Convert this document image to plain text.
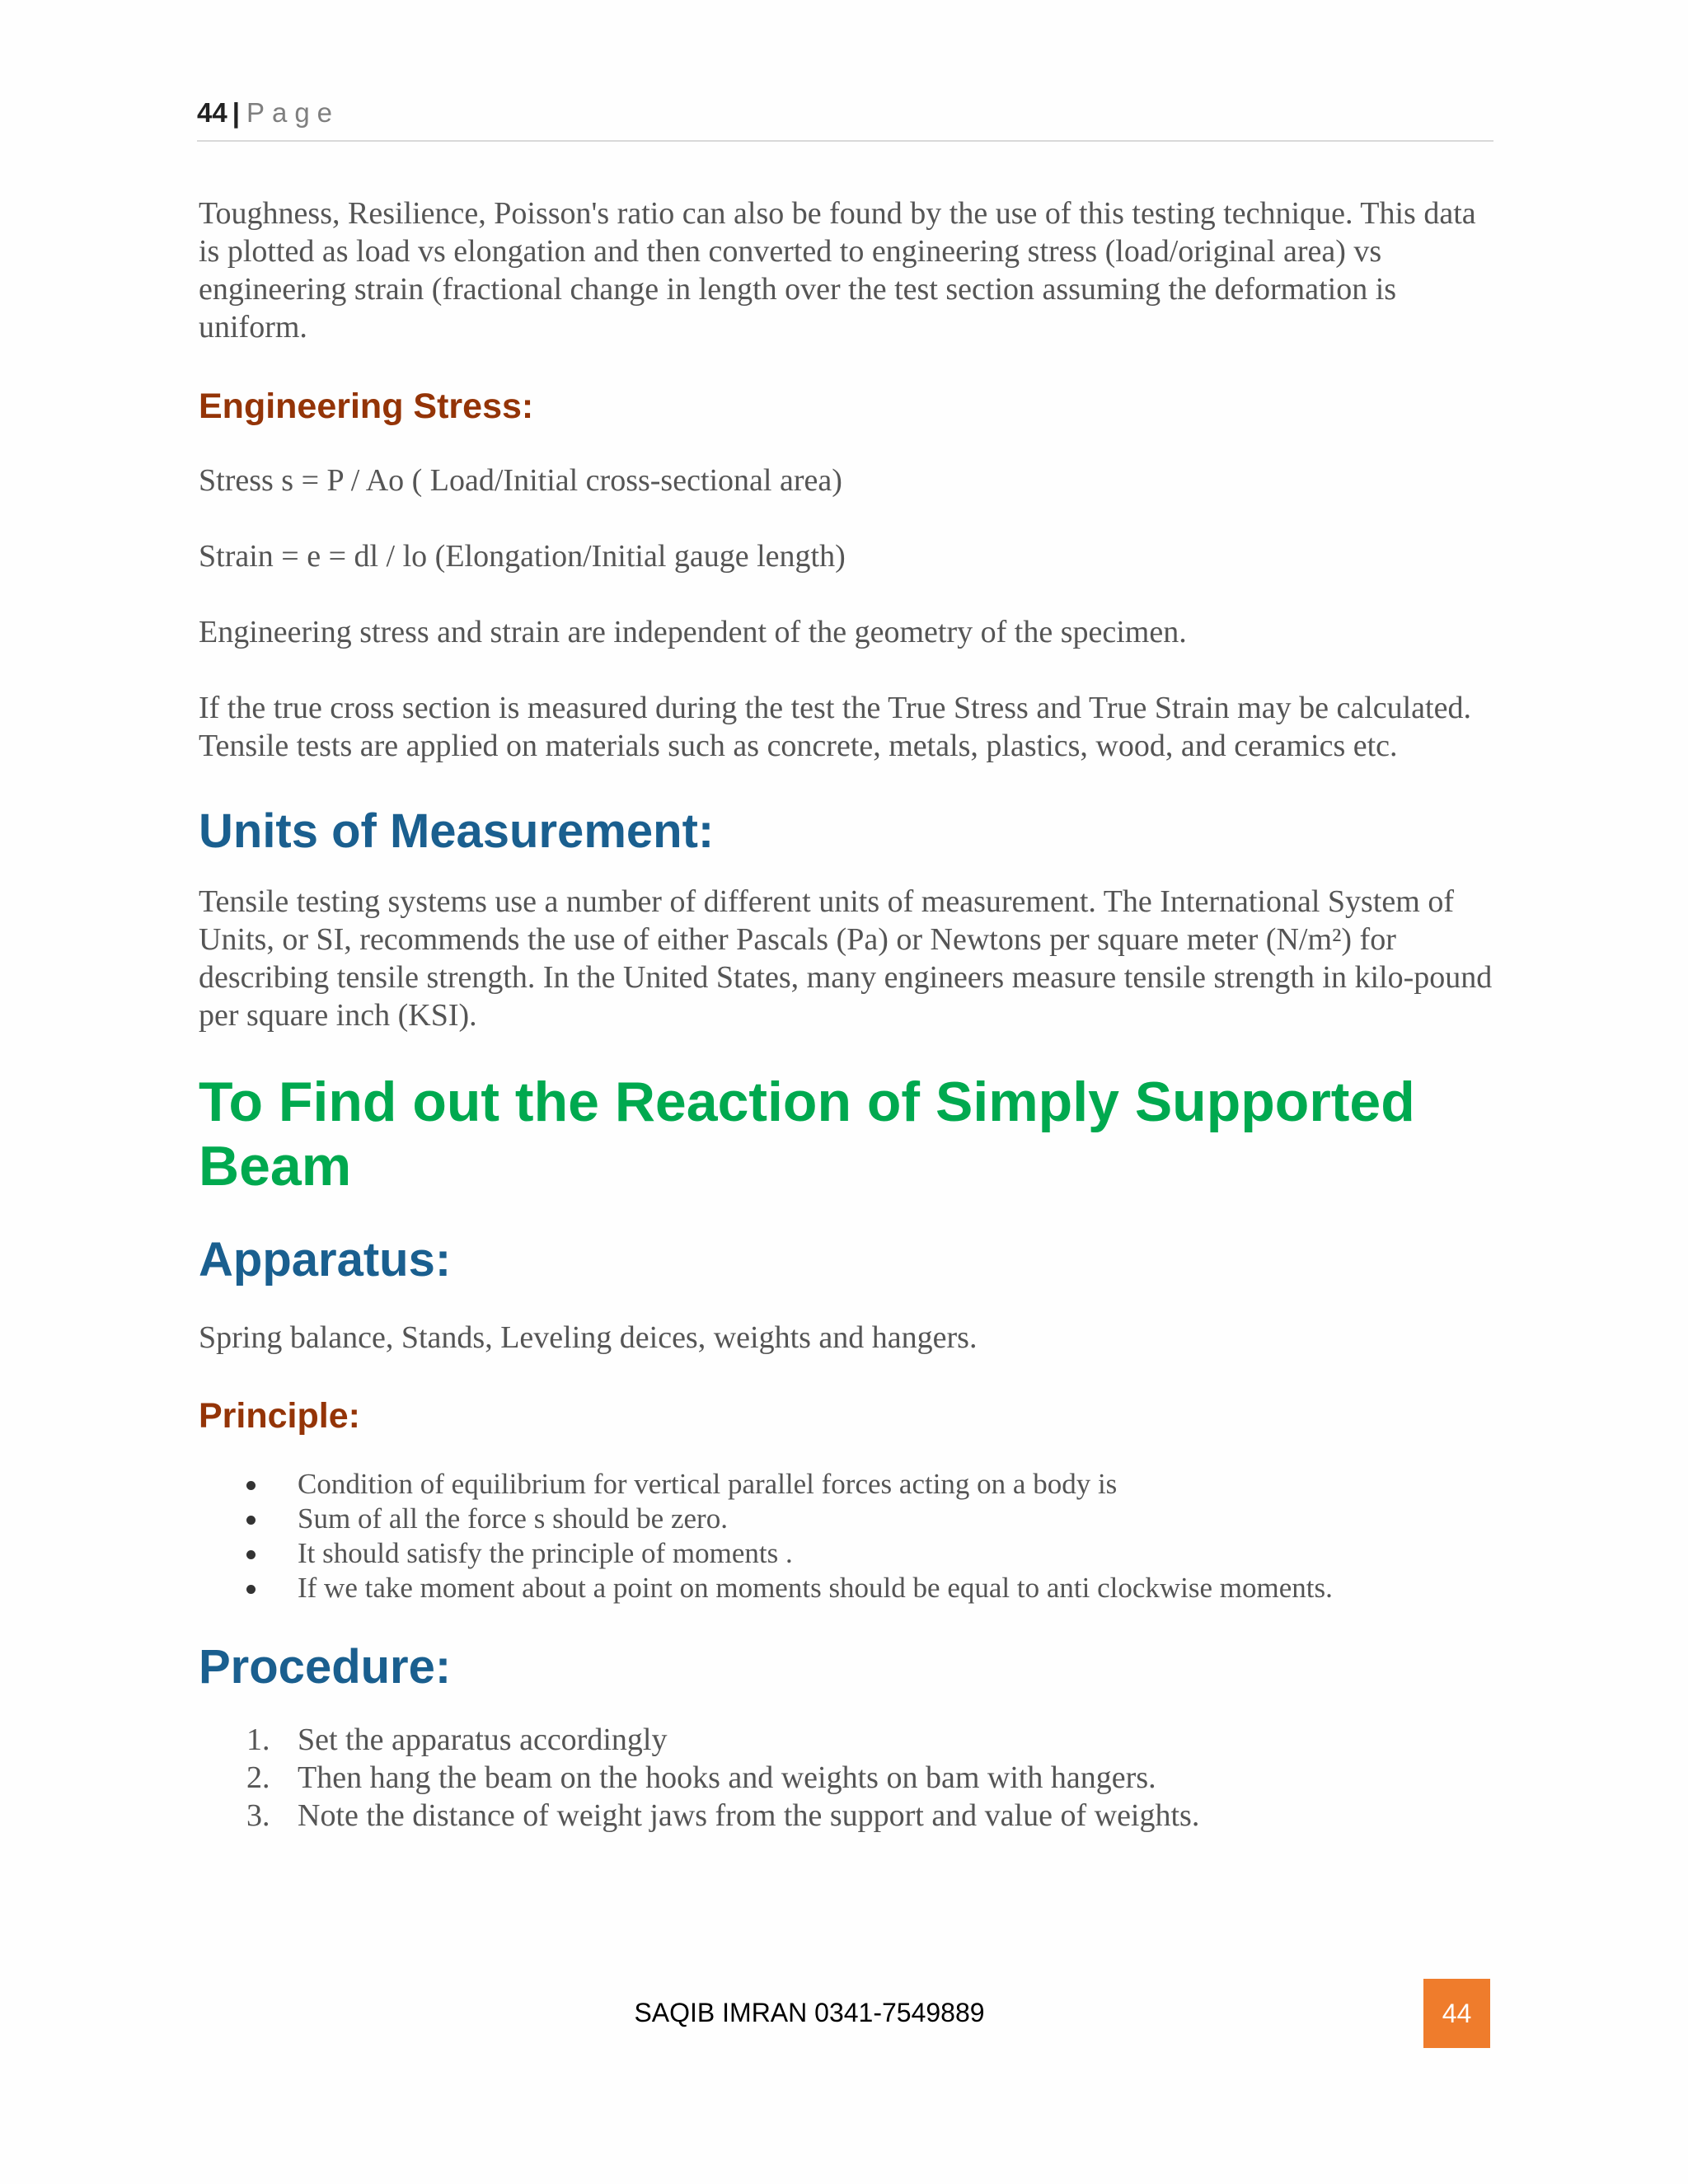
44 | Page

Toughness, Resilience, Poisson's ratio can also be found by the use of this testing technique. This data is plotted as load vs elongation and then converted to engineering stress (load/original area) vs engineering strain (fractional change in length over the test section assuming the deformation is uniform.

Engineering Stress:

Stress s = P / Ao ( Load/Initial cross-sectional area)

Strain = e = dl / lo (Elongation/Initial gauge length)

Engineering stress and strain are independent of the geometry of the specimen.

If the true cross section is measured during the test the True Stress and True Strain may be calculated. Tensile tests are applied on materials such as concrete, metals, plastics, wood, and ceramics etc.

Units of Measurement:

Tensile testing systems use a number of different units of measurement. The International System of Units, or SI, recommends the use of either Pascals (Pa) or Newtons per square meter (N/m²) for describing tensile strength. In the United States, many engineers measure tensile strength in kilo-pound per square inch (KSI).

To Find out the Reaction of Simply Supported Beam
Apparatus:

Spring balance, Stands, Leveling deices, weights and hangers.

Principle:
Condition of equilibrium for vertical parallel forces acting on a body is
Sum of all the force s should be zero.
It should satisfy the principle of moments .
If we take moment about a point on moments should be equal to anti clockwise moments.
Procedure:
1. Set the apparatus accordingly
2. Then hang the beam on the hooks and weights on bam with hangers.
3. Note the distance of weight jaws from the support and value of weights.
SAQIB IMRAN 0341-7549889	44
